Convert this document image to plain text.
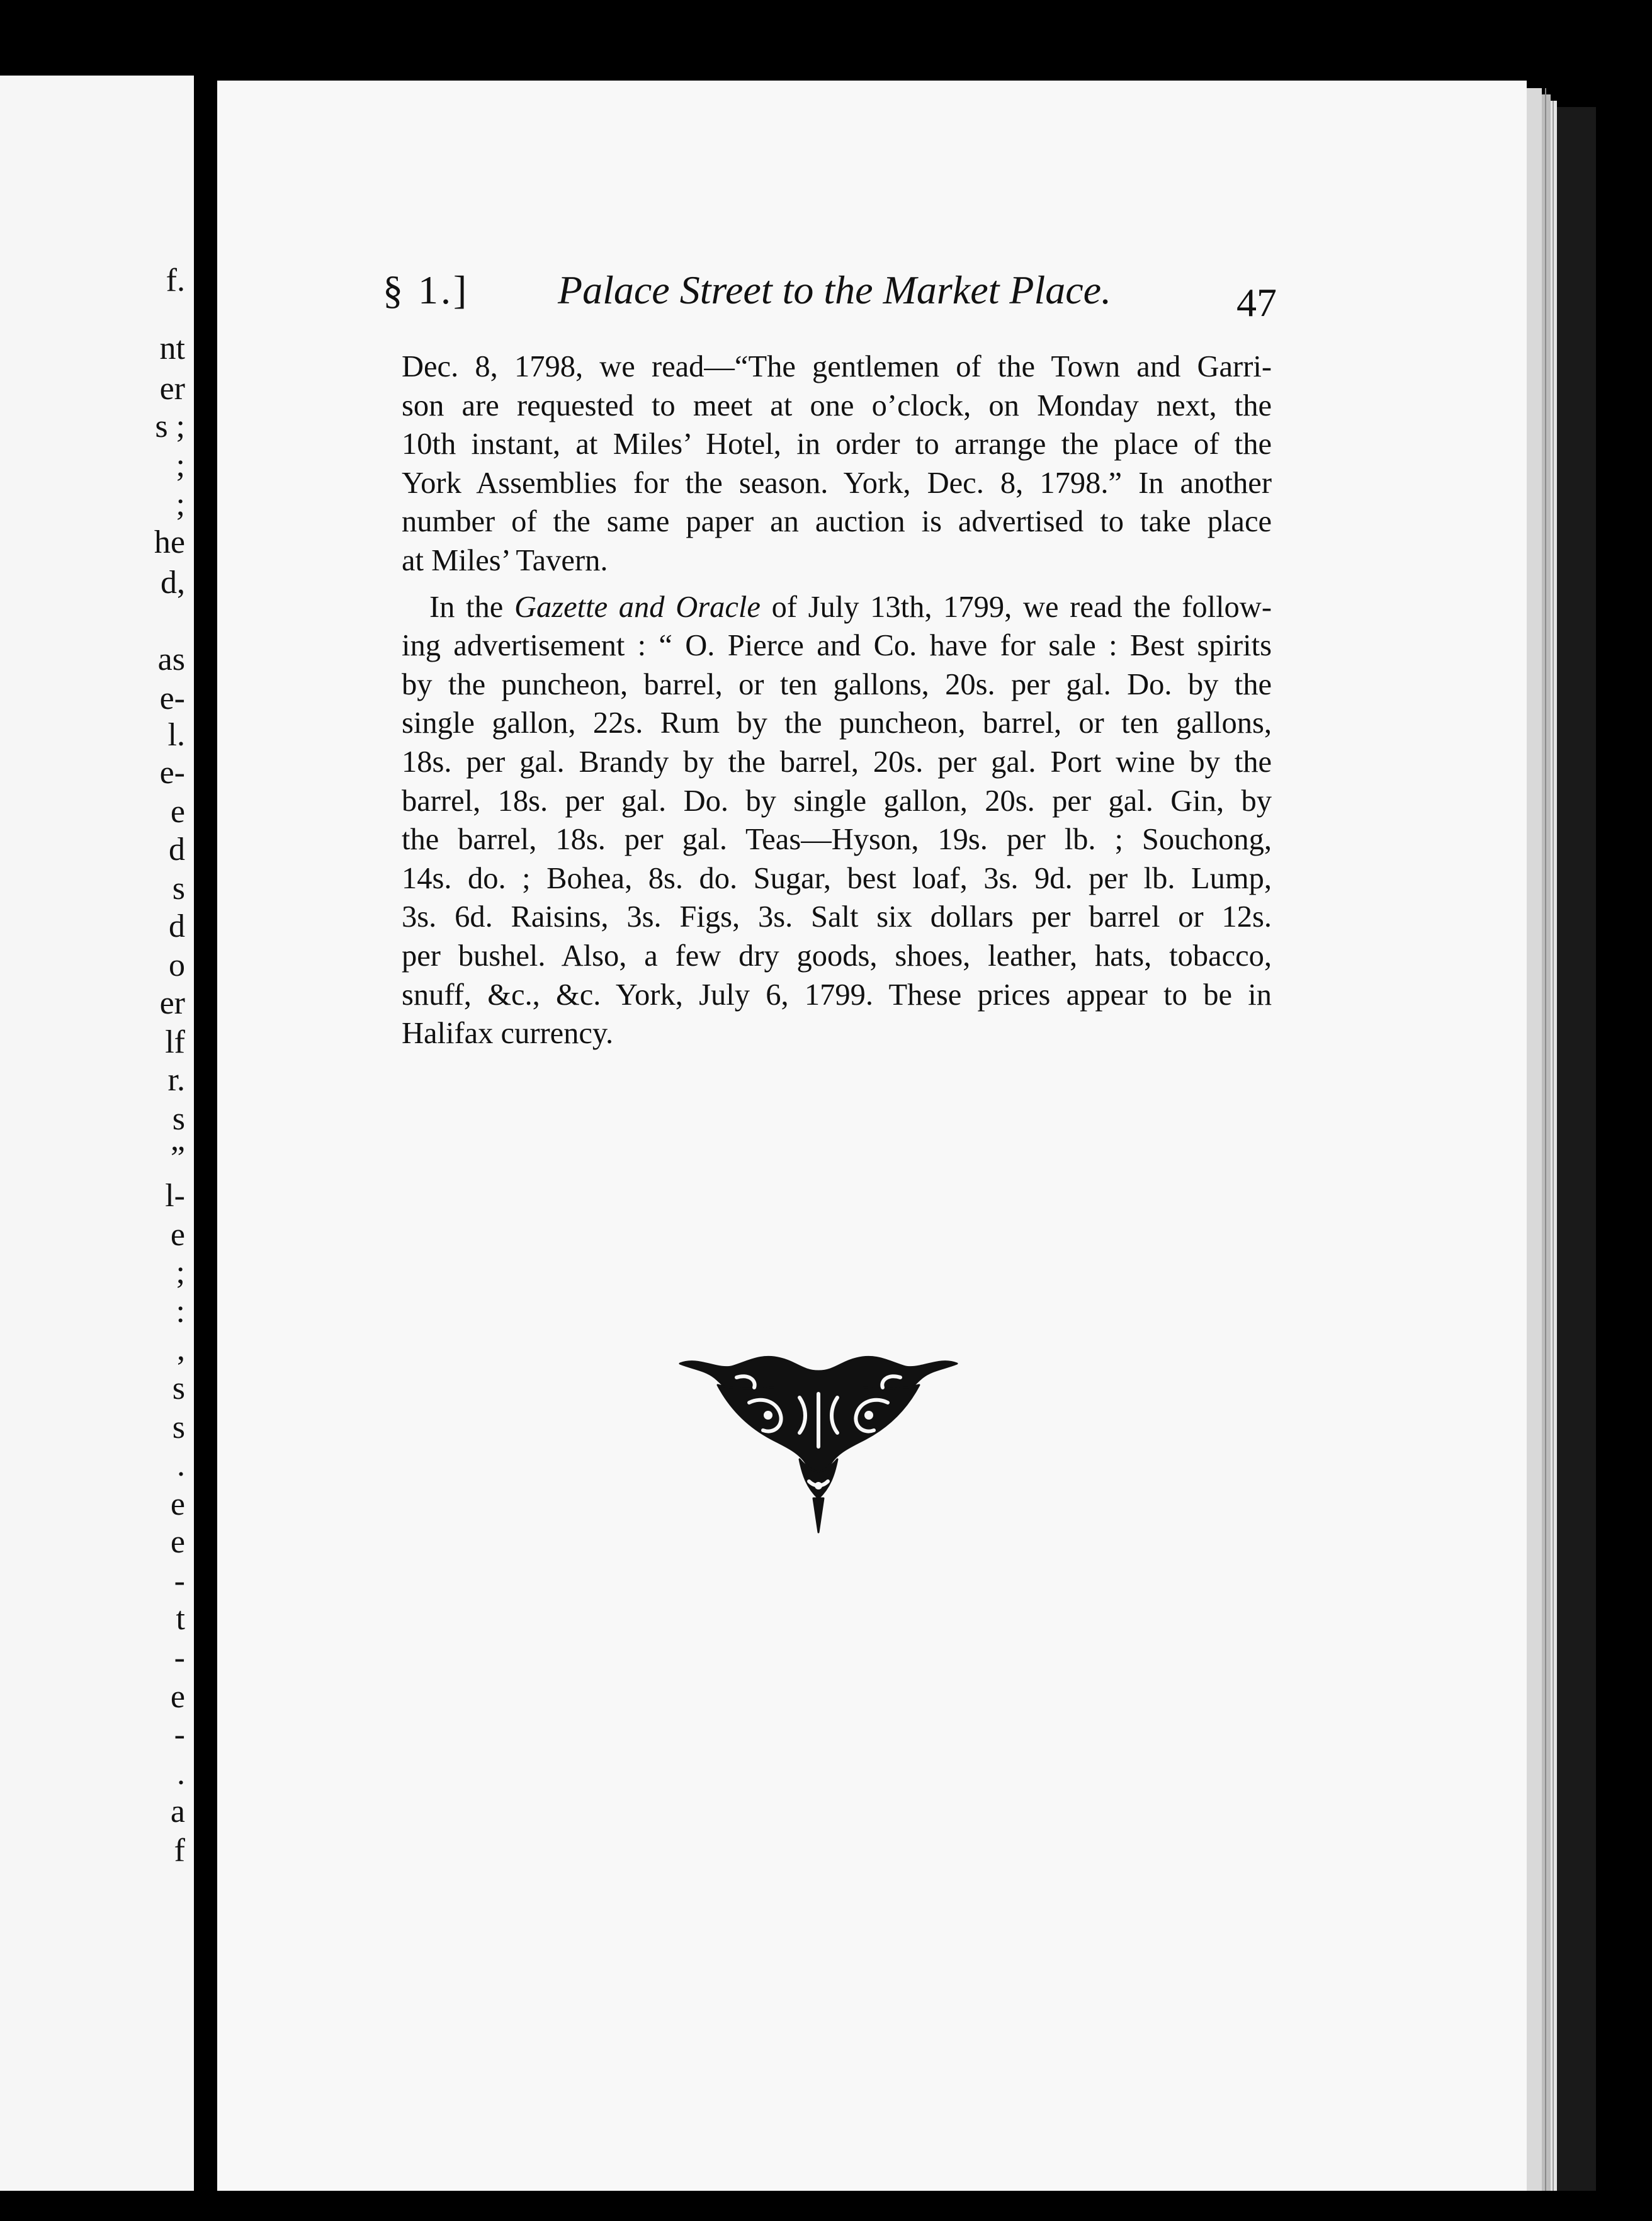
f.
nt
er
s ;
;
;
he
d,
as
e-
l.
e-
e
d
s
d
o
er
lf
r.
s
”
l-
e
;
:
,
s
s
.
e
e
-
t
-
e
-
.
a
f
§ 1.] Palace Street to the Market Place.	47
Dec. 8, 1798, we read—“The gentlemen of the Town and Garri-
son are requested to meet at one o’clock, on Monday next, the
10th instant, at Miles’ Hotel, in order to arrange the place of the
York Assemblies for the season. York, Dec. 8, 1798.” In another
number of the same paper an auction is advertised to take place
at Miles’ Tavern.
In the Gazette and Oracle of July 13th, 1799, we read the follow-
ing advertisement : “ O. Pierce and Co. have for sale : Best spirits
by the puncheon, barrel, or ten gallons, 20s. per gal. Do. by the
single gallon, 22s. Rum by the puncheon, barrel, or ten gallons,
18s. per gal. Brandy by the barrel, 20s. per gal. Port wine by the
barrel, 18s. per gal. Do. by single gallon, 20s. per gal. Gin, by
the barrel, 18s. per gal. Teas—Hyson, 19s. per lb. ; Souchong,
14s. do. ; Bohea, 8s. do. Sugar, best loaf, 3s. 9d. per lb. Lump,
3s. 6d. Raisins, 3s. Figs, 3s. Salt six dollars per barrel or 12s.
per bushel. Also, a few dry goods, shoes, leather, hats, tobacco,
snuff, &c., &c. York, July 6, 1799. These prices appear to be in
Halifax currency.
